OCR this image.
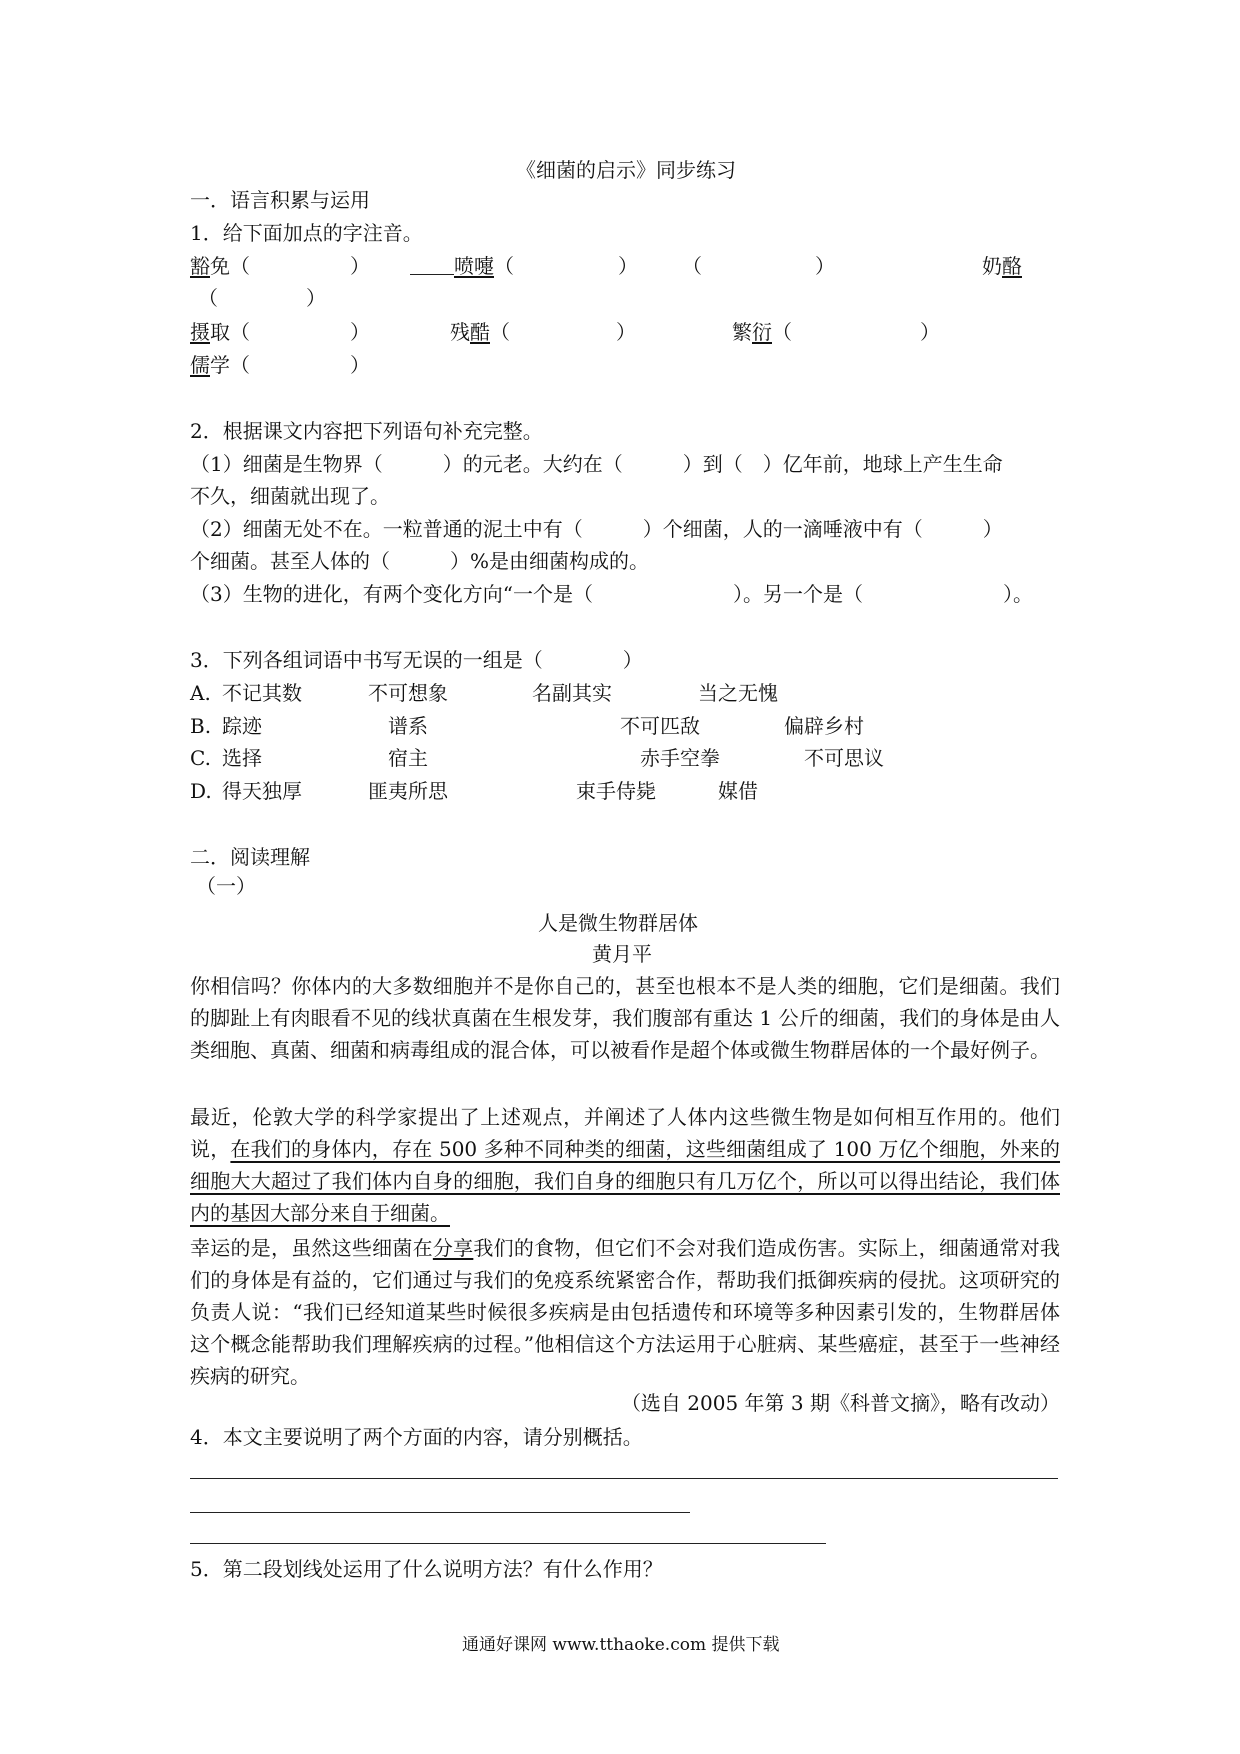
《细菌的启示》同步练习
一．语言积累与运用
1．给下面加点的字注音。
豁免（	）	喷嚏（	） （	）	奶酪
（	）
摄取（	）	残酷（	）	繁衍（	）
儒学（	）
2．根据课文内容把下列语句补充完整。
（1）细菌是生物界（　　　）的元老。大约在（　　　）到（　）亿年前，地球上产生生命
不久，细菌就出现了。
（2）细菌无处不在。一粒普通的泥土中有（　　　）个细菌，人的一滴唾液中有（　　　）
个细菌。甚至人体的（　　　）%是由细菌构成的。
（3）生物的进化，有两个变化方向“一个是（　　　　　　　）。另一个是（　　　　　　　）。
3．下列各组词语中书写无误的一组是（　　　　）
A. 不记其数	不可想象	名副其实	当之无愧
B. 踪迹	谱系	不可匹敌	偏辟乡村
C. 选择	宿主	赤手空拳	不可思议
D. 得天独厚	匪夷所思	束手侍毙	媒借
二．阅读理解
（一）
人是微生物群居体
黄月平
你相信吗？你体内的大多数细胞并不是你自己的，甚至也根本不是人类的细胞，它们是细菌。我们的脚趾上有肉眼看不见的线状真菌在生根发芽，我们腹部有重达 1 公斤的细菌，我们的身体是由人类细胞、真菌、细菌和病毒组成的混合体，可以被看作是超个体或微生物群居体的一个最好例子。
最近，伦敦大学的科学家提出了上述观点，并阐述了人体内这些微生物是如何相互作用的。他们说，在我们的身体内，存在 500 多种不同种类的细菌，这些细菌组成了 100 万亿个细胞，外来的细胞大大超过了我们体内自身的细胞，我们自身的细胞只有几万亿个，所以可以得出结论，我们体内的基因大部分来自于细菌。
幸运的是，虽然这些细菌在分享我们的食物，但它们不会对我们造成伤害。实际上，细菌通常对我们的身体是有益的，它们通过与我们的免疫系统紧密合作，帮助我们抵御疾病的侵扰。这项研究的负责人说：“我们已经知道某些时候很多疾病是由包括遗传和环境等多种因素引发的，生物群居体这个概念能帮助我们理解疾病的过程。”他相信这个方法运用于心脏病、某些癌症，甚至于一些神经疾病的研究。
（选自 2005 年第 3 期《科普文摘》，略有改动）
4．本文主要说明了两个方面的内容，请分别概括。
5．第二段划线处运用了什么说明方法？有什么作用？
通通好课网 www.tthaoke.com 提供下载
